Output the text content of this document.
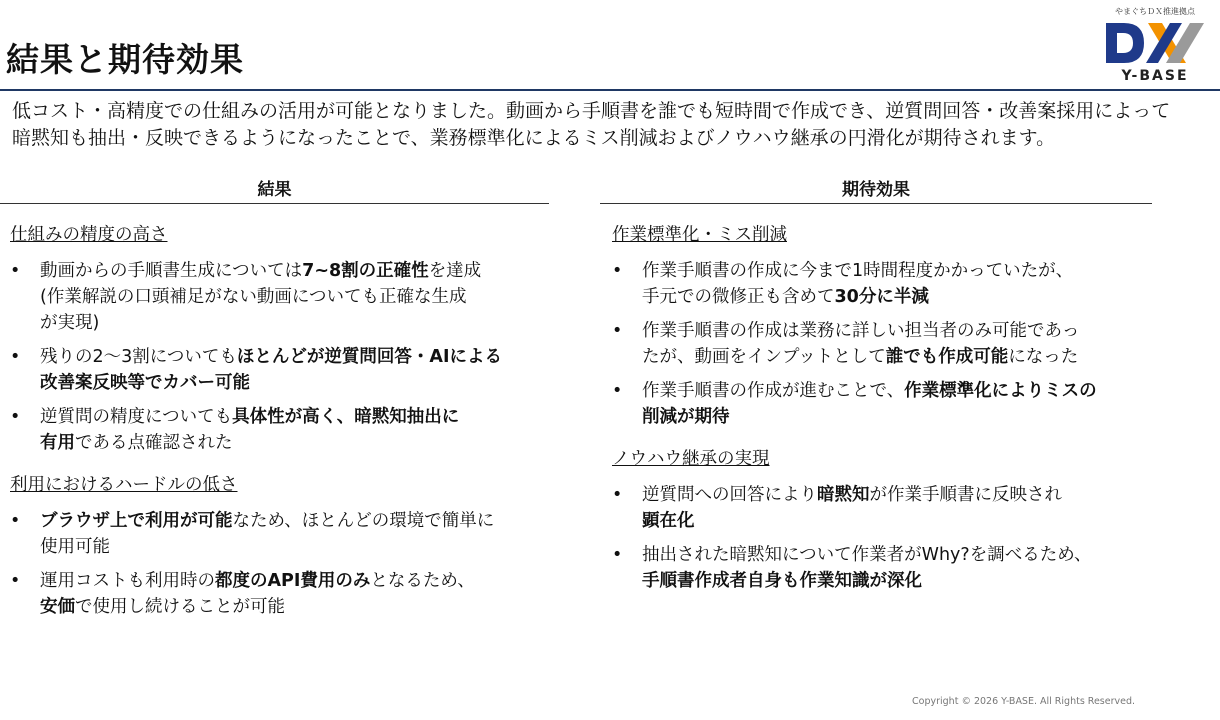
結果と期待効果
やまぐちＤＸ推進拠点
Y-BASE

低コスト・高精度での仕組みの活用が可能となりました。動画から手順書を誰でも短時間で作成でき、逆質問回答・改善案採用によって暗黙知も抽出・反映できるようになったことで、業務標準化によるミス削減およびノウハウ継承の円滑化が期待されます。

結果	期待効果
仕組みの精度の高さ
• 動画からの手順書生成については7~8割の正確性を達成
(作業解説の口頭補足がない動画についても正確な生成
が実現)
• 残りの2～3割についてもほとんどが逆質問回答・AIによる
改善案反映等でカバー可能
• 逆質問の精度についても具体性が高く、暗黙知抽出に
有用である点確認された
利用におけるハードルの低さ
• ブラウザ上で利用が可能なため、ほとんどの環境で簡単に
使用可能
• 運用コストも利用時の都度のAPI費用のみとなるため、
安価で使用し続けることが可能
作業標準化・ミス削減
• 作業手順書の作成に今まで1時間程度かかっていたが、
手元での微修正も含めて30分に半減
• 作業手順書の作成は業務に詳しい担当者のみ可能であっ
たが、動画をインプットとして誰でも作成可能になった
• 作業手順書の作成が進むことで、作業標準化によりミスの
削減が期待
ノウハウ継承の実現
• 逆質問への回答により暗黙知が作業手順書に反映され
顕在化
• 抽出された暗黙知について作業者がWhy?を調べるため、
手順書作成者自身も作業知識が深化
Copyright © 2026 Y-BASE. All Rights Reserved.
